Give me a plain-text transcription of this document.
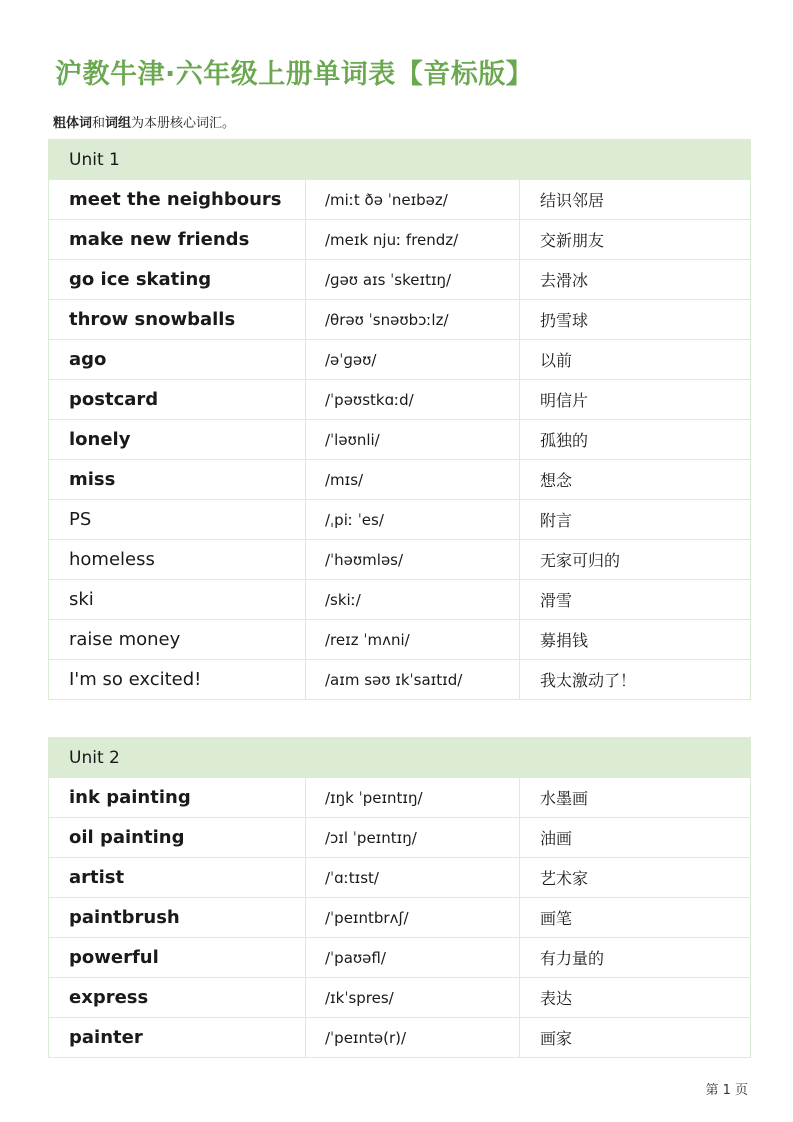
沪教牛津·六年级上册单词表【音标版】
粗体词和词组为本册核心词汇。
Unit 1		
meet the neighbours	/miːt ðə ˈneɪbəz/	结识邻居
make new friends	/meɪk njuː frendz/	交新朋友
go ice skating	/ɡəʊ aɪs ˈskeɪtɪŋ/	去滑冰
throw snowballs	/θrəʊ ˈsnəʊbɔːlz/	扔雪球
ago	/əˈɡəʊ/	以前
postcard	/ˈpəʊstkɑːd/	明信片
lonely	/ˈləʊnli/	孤独的
miss	/mɪs/	想念
PS	/ˌpiː ˈes/	附言
homeless	/ˈhəʊmləs/	无家可归的
ski	/skiː/	滑雪
raise money	/reɪz ˈmʌni/	募捐钱
I'm so excited!	/aɪm səʊ ɪkˈsaɪtɪd/	我太激动了！
Unit 2		
ink painting	/ɪŋk ˈpeɪntɪŋ/	水墨画
oil painting	/ɔɪl ˈpeɪntɪŋ/	油画
artist	/ˈɑːtɪst/	艺术家
paintbrush	/ˈpeɪntbrʌʃ/	画笔
powerful	/ˈpaʊəfl/	有力量的
express	/ɪkˈspres/	表达
painter	/ˈpeɪntə(r)/	画家
第 1 页
